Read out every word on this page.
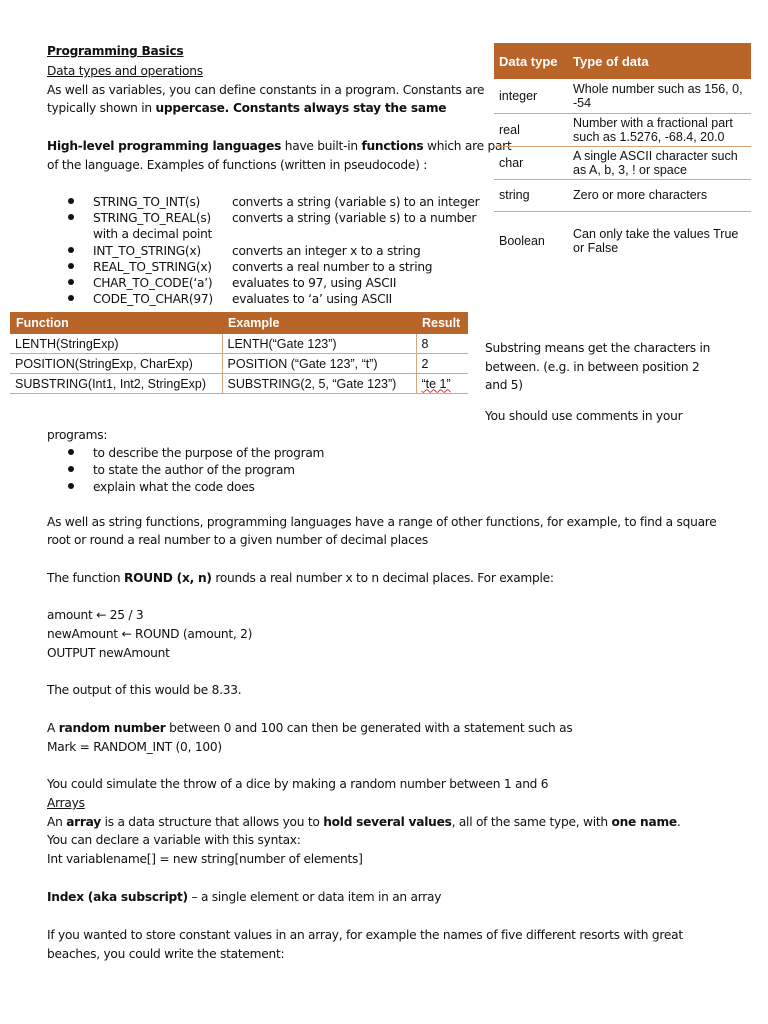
Programming Basics
Data types and operations
As well as variables, you can define constants in a program. Constants are
typically shown in uppercase. Constants always stay the same
High-level programming languages have built-in functions which are part
of the language. Examples of functions (written in pseudocode) :
STRING_TO_INT(s)	converts a string (variable s) to an integer
STRING_TO_REAL(s) converts a string (variable s) to a number
with a decimal point
INT_TO_STRING(x)	converts an integer x to a string
REAL_TO_STRING(x) converts a real number to a string
CHAR_TO_CODE(‘a’) evaluates to 97, using ASCII
CODE_TO_CHAR(97) evaluates to ‘a’ using ASCII
Substring means get the characters in
between. (e.g. in between position 2
and 5)
You should use comments in your
programs:
to describe the purpose of the program
to state the author of the program
explain what the code does
As well as string functions, programming languages have a range of other functions, for example, to find a square
root or round a real number to a given number of decimal places
The function ROUND (x, n) rounds a real number x to n decimal places. For example:
amount ← 25 / 3
newAmount ← ROUND (amount, 2)
OUTPUT newAmount
The output of this would be 8.33.
A random number between 0 and 100 can then be generated with a statement such as
Mark = RANDOM_INT (0, 100)
You could simulate the throw of a dice by making a random number between 1 and 6
Arrays
An array is a data structure that allows you to hold several values, all of the same type, with one name.
You can declare a variable with this syntax:
Int variablename[] = new string[number of elements]
Index (aka subscript) – a single element or data item in an array
If you wanted to store constant values in an array, for example the names of five different resorts with great
beaches, you could write the statement:
Data type	Type of data
integer	Whole number such as 156, 0, -54
real	Number with a fractional part such as 1.5276, -68.4, 20.0
char	A single ASCII character such as A, b, 3, ! or space
string	Zero or more characters
Boolean	Can only take the values True or False
Function	Example	Result
LENTH(StringExp)	LENTH(“Gate 123”)	8
POSITION(StringExp, CharExp)	POSITION (“Gate 123”, “t”)	2
SUBSTRING(Int1, Int2, StringExp)	SUBSTRING(2, 5, “Gate 123”)	“te 1”
